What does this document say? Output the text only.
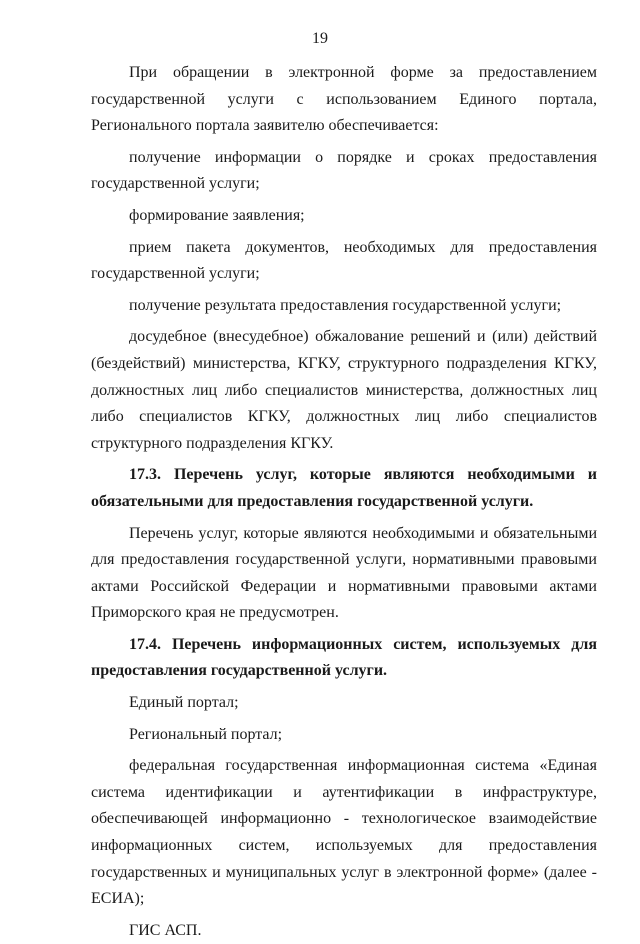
19

При обращении в электронной форме за предоставлением государственной услуги с использованием Единого портала, Регионального портала заявителю обеспечивается:

получение информации о порядке и сроках предоставления государственной услуги;

формирование заявления;

прием пакета документов, необходимых для предоставления государственной услуги;

получение результата предоставления государственной услуги;

досудебное (внесудебное) обжалование решений и (или) действий (бездействий) министерства, КГКУ, структурного подразделения КГКУ, должностных лиц либо специалистов министерства, должностных лиц либо специалистов КГКУ, должностных лиц либо специалистов структурного подразделения КГКУ.

17.3. Перечень услуг, которые являются необходимыми и обязательными для предоставления государственной услуги.

Перечень услуг, которые являются необходимыми и обязательными для предоставления государственной услуги, нормативными правовыми актами Российской Федерации и нормативными правовыми актами Приморского края не предусмотрен.

17.4. Перечень информационных систем, используемых для предоставления государственной услуги.

Единый портал;

Региональный портал;

федеральная государственная информационная система «Единая система идентификации и аутентификации в инфраструктуре, обеспечивающей информационно - технологическое взаимодействие информационных систем, используемых для предоставления государственных и муниципальных услуг в электронной форме» (далее - ЕСИА);

ГИС АСП.
